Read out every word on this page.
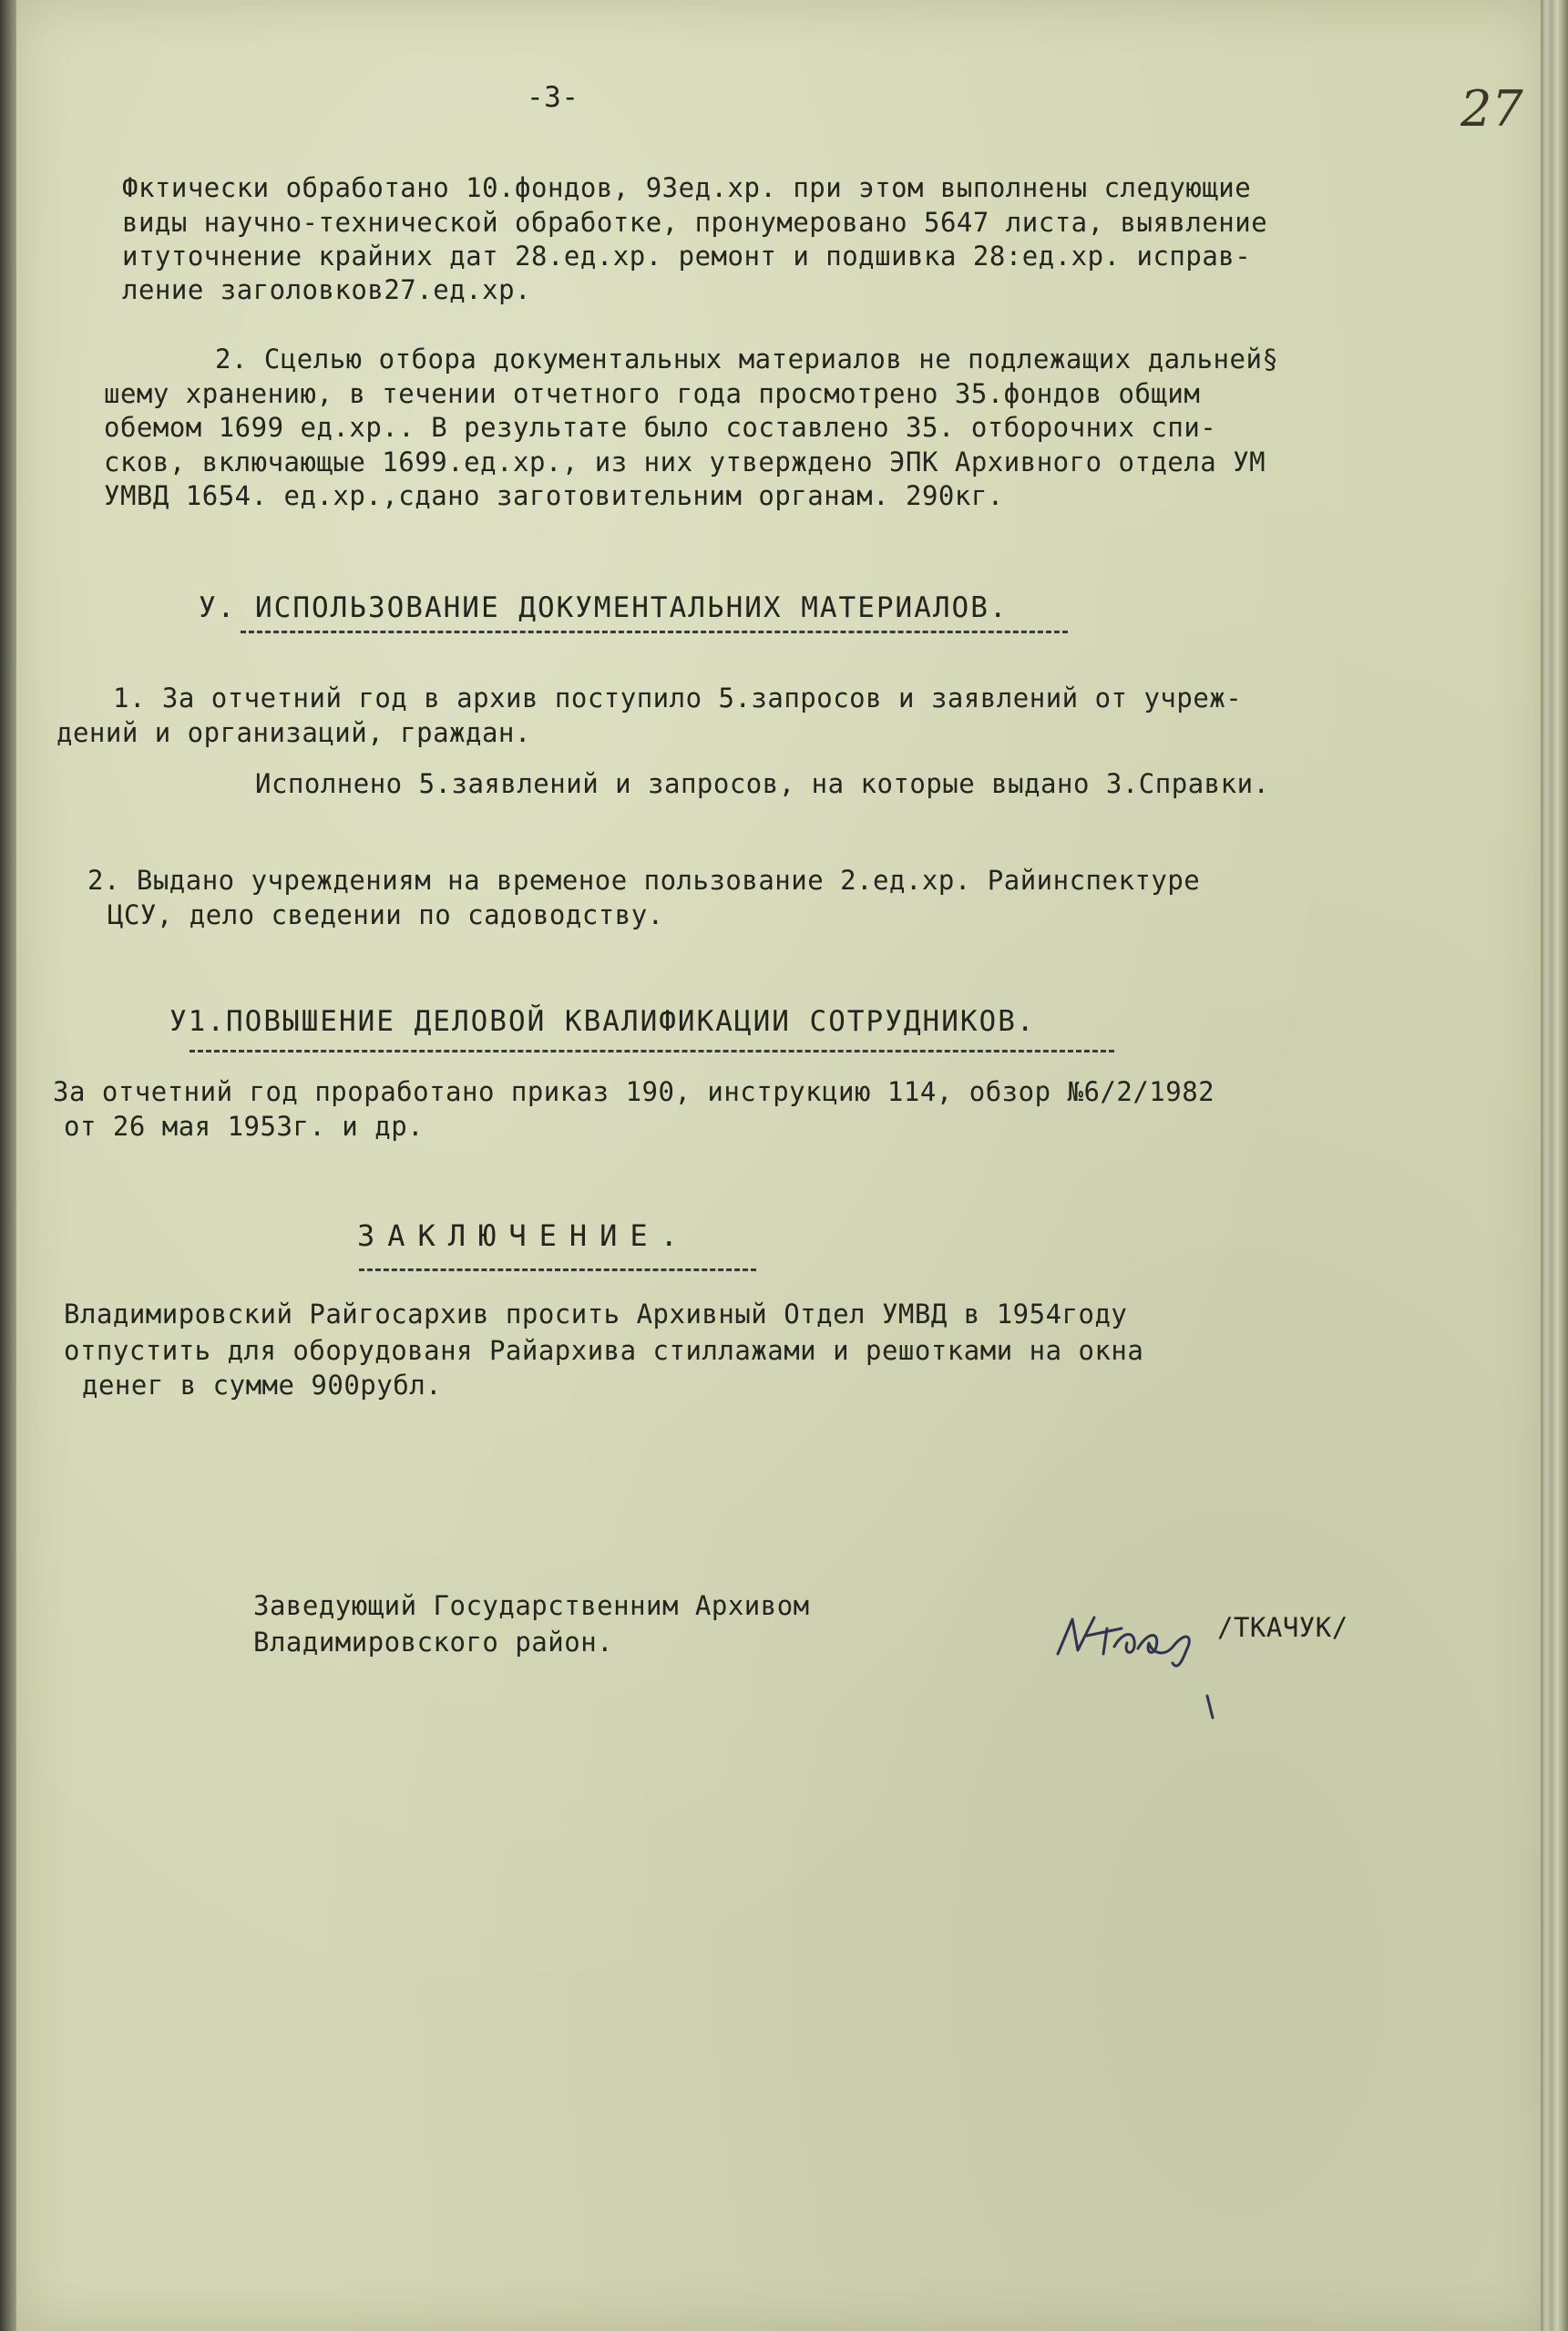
-3-	27
Фктически обработано 10.фондов, 93ед.хр. при этом выполнены следующие
виды научно-технической обработке, пронумеровано 5647 листа, выявление
итуточнение крайних дат 28.ед.хр. ремонт и подшивка 28:ед.хр. исправ-
ление заголовков27.ед.хр.
2. Сцелью отбора документальных материалов не подлежащих дальней§
шему хранению, в течении отчетного года просмотрено 35.фондов общим
обемом 1699 ед.хр.. В результате было составлено 35. отборочних спи-
сков, включающые 1699.ед.хр., из них утверждено ЭПК Архивного отдела УМ
УМВД 1654. ед.хр.,сдано заготовительним органам. 290кг.
У. ИСПОЛЬЗОВАНИЕ ДОКУМЕНТАЛЬНИХ МАТЕРИАЛОВ.
1. За отчетний год в архив поступило 5.запросов и заявлений от учреж-
дений и организаций, граждан.
Исполнено 5.заявлений и запросов, на которые выдано 3.Справки.
2. Выдано учреждениям на временое пользование 2.ед.хр. Райинспектуре
ЦСУ, дело сведении по садоводству.
У1.ПОВЫШЕНИЕ ДЕЛОВОЙ КВАЛИФИКАЦИИ СОТРУДНИКОВ.
За отчетний год проработано приказ 190, инструкцию 114, обзор №6/2/1982
от 26 мая 1953г. и др.
ЗАКЛЮЧЕНИЕ.
Владимировский Райгосархив просить Архивный Отдел УМВД в 1954году
отпустить для оборудованя Райархива стиллажами и решотками на окна
денег в сумме 900рубл.
Заведующий Государственним Архивом
Владимировского район.	/ТКАЧУК/
